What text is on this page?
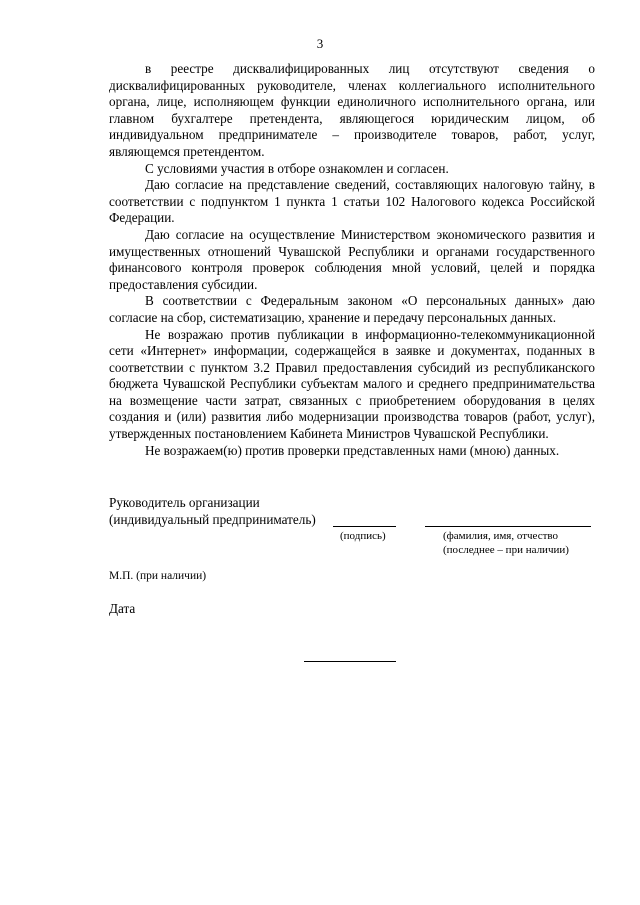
3

в реестре дисквалифицированных лиц отсутствуют сведения о дисквалифицированных руководителе, членах коллегиального исполнительного органа, лице, исполняющем функции единоличного исполнительного органа, или главном бухгалтере претендента, являющегося юридическим лицом, об индивидуальном предпринимателе – производителе товаров, работ, услуг, являющемся претендентом.

С условиями участия в отборе ознакомлен и согласен.

Даю согласие на представление сведений, составляющих налоговую тайну, в соответствии с подпунктом 1 пункта 1 статьи 102 Налогового кодекса Российской Федерации.

Даю согласие на осуществление Министерством экономического развития и имущественных отношений Чувашской Республики и органами государственного финансового контроля проверок соблюдения мной условий, целей и порядка предоставления субсидии.

В соответствии с Федеральным законом «О персональных данных» даю согласие на сбор, систематизацию, хранение и передачу персональных данных.

Не возражаю против публикации в информационно-телекоммуникационной сети «Интернет» информации, содержащейся в заявке и документах, поданных в соответствии с пунктом 3.2 Правил предоставления субсидий из республиканского бюджета Чувашской Республики субъектам малого и среднего предпринимательства на возмещение части затрат, связанных с приобретением оборудования в целях создания и (или) развития либо модернизации производства товаров (работ, услуг), утвержденных постановлением Кабинета Министров Чувашской Республики.

Не возражаем(ю) против проверки представленных нами (мною) данных.

Руководитель организации
(индивидуальный предприниматель)
(подпись)	(фамилия, имя, отчество
(последнее – при наличии)
М.П. (при наличии)
Дата
